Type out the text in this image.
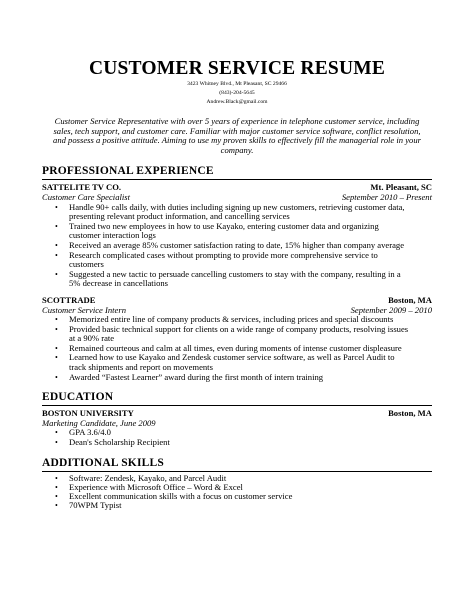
CUSTOMER SERVICE RESUME
3423 Whitney Blvd., Mt Pleasant, SC 29466
(843)-204-5645
Andrew.Black@gmail.com

Customer Service Representative with over 5 years of experience in telephone customer service, including sales, tech support, and customer care. Familiar with major customer service software, conflict resolution, and possess a positive attitude. Aiming to use my proven skills to effectively fill the managerial role in your company.

PROFESSIONAL EXPERIENCE
SATTELITE TV CO.	Mt. Pleasant, SC
Customer Care Specialist	September 2010 – Present
• Handle 90+ calls daily, with duties including signing up new customers, retrieving customer data, presenting relevant product information, and cancelling services
• Trained two new employees in how to use Kayako, entering customer data and organizing customer interaction logs
• Received an average 85% customer satisfaction rating to date, 15% higher than company average
• Research complicated cases without prompting to provide more comprehensive service to customers
• Suggested a new tactic to persuade cancelling customers to stay with the company, resulting in a 5% decrease in cancellations
SCOTTRADE	Boston, MA
Customer Service Intern	September 2009 – 2010
• Memorized entire line of company products & services, including prices and special discounts
• Provided basic technical support for clients on a wide range of company products, resolving issues at a 90% rate
• Remained courteous and calm at all times, even during moments of intense customer displeasure
• Learned how to use Kayako and Zendesk customer service software, as well as Parcel Audit to track shipments and report on movements
• Awarded “Fastest Learner” award during the first month of intern training
EDUCATION
BOSTON UNIVERSITY	Boston, MA
Marketing Candidate, June 2009
• GPA 3.6/4.0
• Dean's Scholarship Recipient
ADDITIONAL SKILLS
• Software: Zendesk, Kayako, and Parcel Audit
• Experience with Microsoft Office – Word & Excel
• Excellent communication skills with a focus on customer service
• 70WPM Typist
